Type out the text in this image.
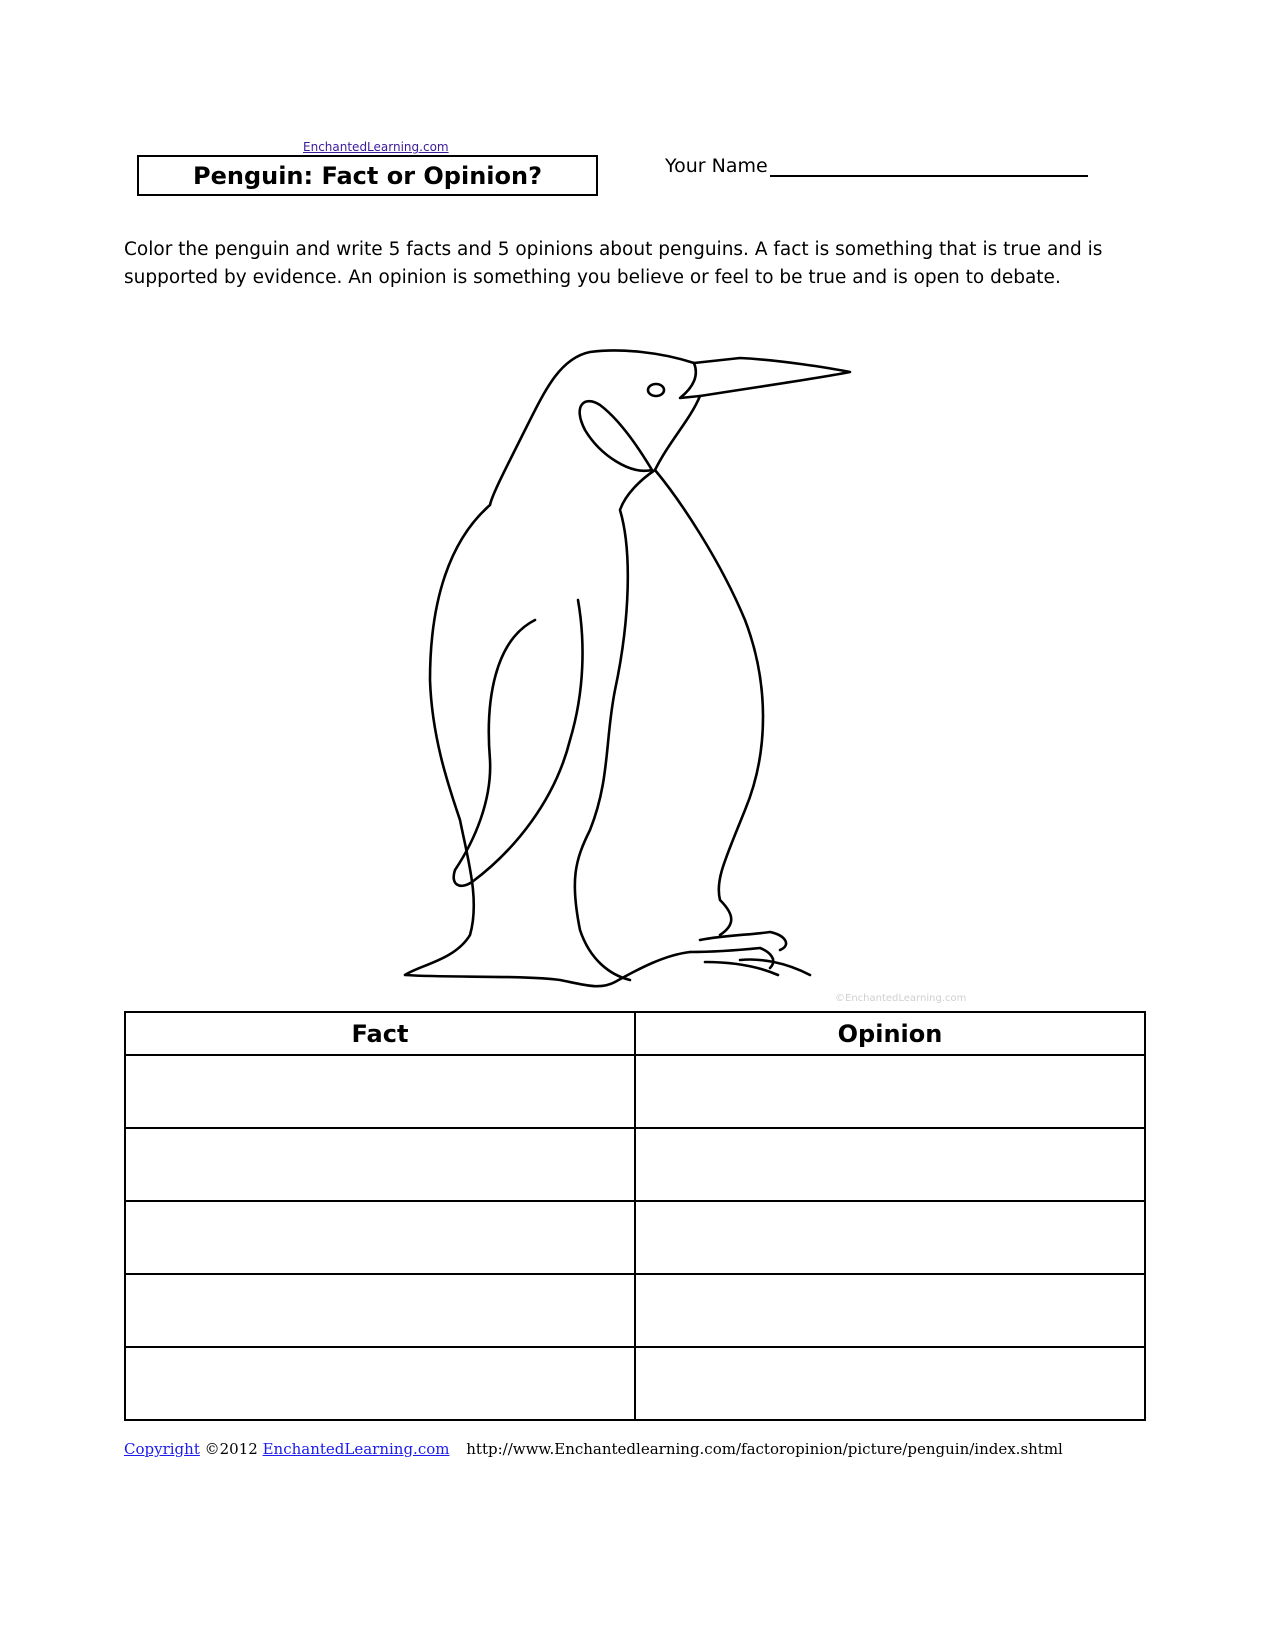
EnchantedLearning.com
Penguin: Fact or Opinion?	Your Name
Color the penguin and write 5 facts and 5 opinions about penguins. A fact is something that is true and is supported by evidence. An opinion is something you believe or feel to be true and is open to debate.
©EnchantedLearning.com
Fact	Opinion

Copyright ©2012 EnchantedLearning.com http://www.Enchantedlearning.com/factoropinion/picture/penguin/index.shtml
